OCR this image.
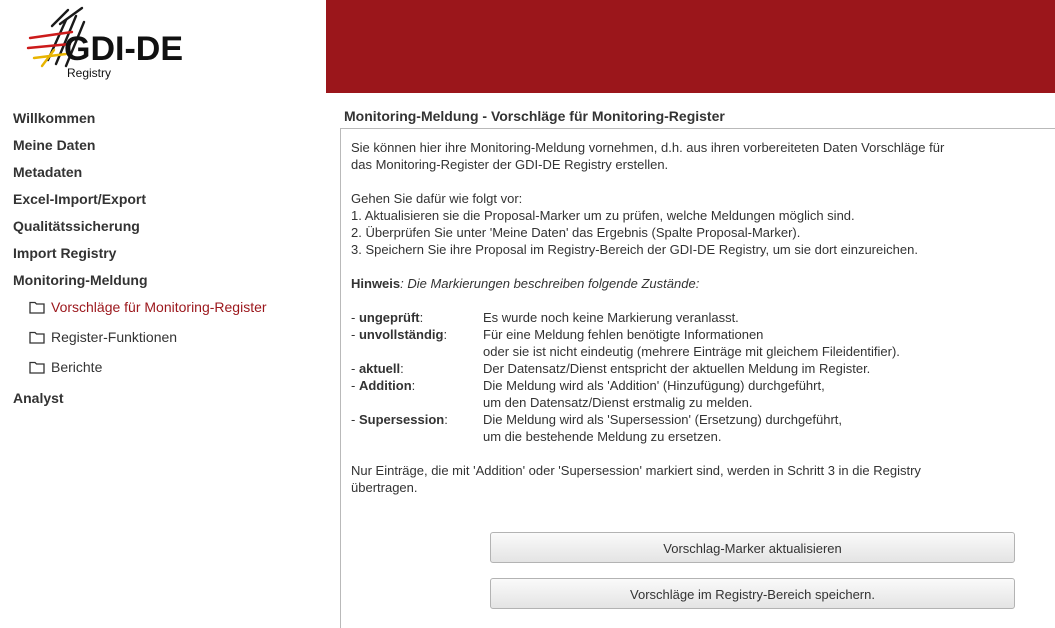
GDI-DE
Registry
Willkommen
Meine Daten
Metadaten
Excel-Import/Export
Qualitätssicherung
Import Registry
Monitoring-Meldung
Vorschläge für Monitoring-Register
Register-Funktionen
Berichte
Analyst
Monitoring-Meldung - Vorschläge für Monitoring-Register

Sie können hier ihre Monitoring-Meldung vornehmen, d.h. aus ihren vorbereiteten Daten Vorschläge für

das Monitoring-Register der GDI-DE Registry erstellen.

Gehen Sie dafür wie folgt vor:

1. Aktualisieren sie die Proposal-Marker um zu prüfen, welche Meldungen möglich sind.

2. Überprüfen Sie unter 'Meine Daten' das Ergebnis (Spalte Proposal-Marker).

3. Speichern Sie ihre Proposal im Registry-Bereich der GDI-DE Registry, um sie dort einzureichen.

Hinweis: Die Markierungen beschreiben folgende Zustände:

- ungeprüft:	Es wurde noch keine Markierung veranlasst.
- unvollständig:	Für eine Meldung fehlen benötigte Informationen
oder sie ist nicht eindeutig (mehrere Einträge mit gleichem Fileidentifier).
- aktuell:	Der Datensatz/Dienst entspricht der aktuellen Meldung im Register.
- Addition:	Die Meldung wird als 'Addition' (Hinzufügung) durchgeführt,
um den Datensatz/Dienst erstmalig zu melden.
- Supersession:	Die Meldung wird als 'Supersession' (Ersetzung) durchgeführt,
um die bestehende Meldung zu ersetzen.

Nur Einträge, die mit 'Addition' oder 'Supersession' markiert sind, werden in Schritt 3 in die Registry

übertragen.

Vorschlag-Marker aktualisieren
Vorschläge im Registry-Bereich speichern.
